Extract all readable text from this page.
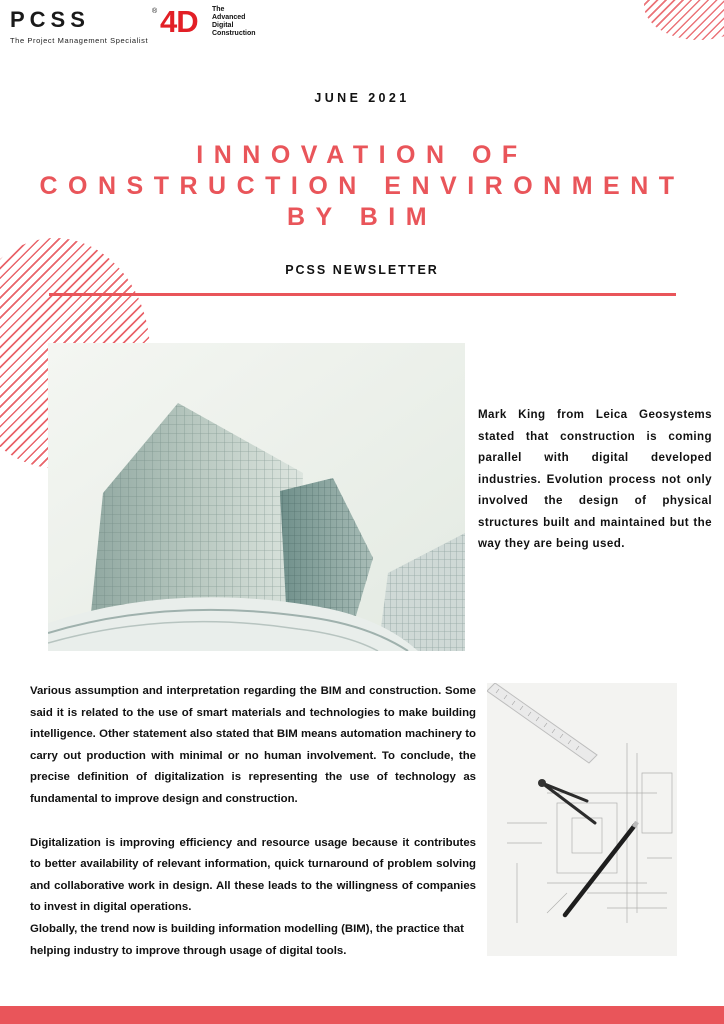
PCSS	®
The Project Management Specialist
4D The
Advanced
Digital
Construction
JUNE 2021
INNOVATION OF
CONSTRUCTION ENVIRONMENT
BY BIM
PCSS NEWSLETTER

Mark King from Leica Geosystems stated that construction is coming parallel with digital developed industries. Evolution process not only involved the design of physical structures built and maintained but the way they are being used.

Various assumption and interpretation regarding the BIM and construction. Some said it is related to the use of smart materials and technologies to make building intelligence. Other statement also stated that BIM means automation machinery to carry out production with minimal or no human involvement. To conclude, the precise definition of digitalization is representing the use of technology as fundamental to improve design and construction.

Digitalization is improving efficiency and resource usage because it contributes to better availability of relevant information, quick turnaround of problem solving and collaborative work in design. All these leads to the willingness of companies to invest in digital operations.

Globally, the trend now is building information modelling (BIM), the practice that helping industry to improve through usage of digital tools.
